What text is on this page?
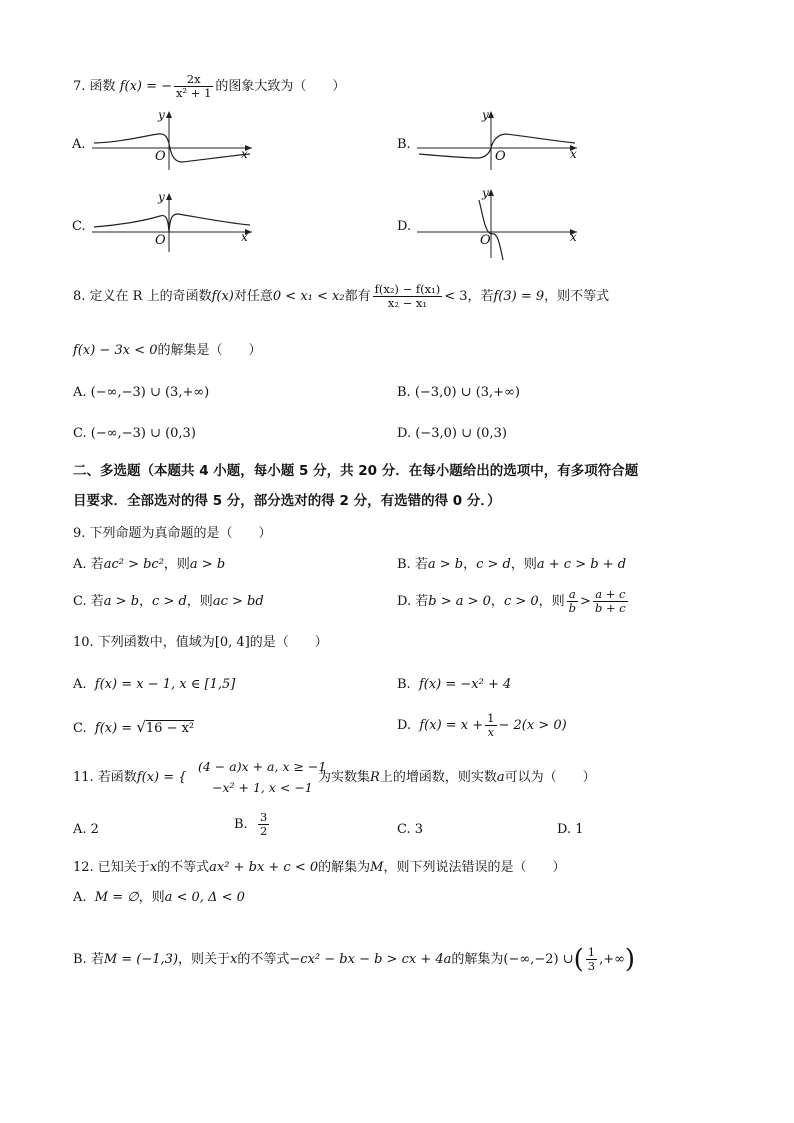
7. 函数 f(x) = − $\frac{2x}{\text{x² + 1}}$ 的图象大致为（　　）
A.
y
O	x
B.
y
O	x
C.
y
O	x
D.
y
O	x
8. 定义在 R 上的奇函数f(x)对任意0 < x₁ < x₂都有 $\frac{\text{f(x₂) − f(x₁)}}{\text{x₂ − x₁}} < 3$，若f(3) = 9，则不等式
f(x) − 3x < 0的解集是（　　）
A. (−∞,−3) ∪ (3,+∞)	B. (−3,0) ∪ (3,+∞)
C. (−∞,−3) ∪ (0,3)	D. (−3,0) ∪ (0,3)
二、多选题（本题共 4 小题，每小题 5 分，共 20 分．在每小题给出的选项中，有多项符合题
目要求．全部选对的得 5 分，部分选对的得 2 分，有选错的得 0 分．）
9. 下列命题为真命题的是（　　）
A. 若ac² > bc²，则a > b	B. 若a > b，c > d，则a + c > b + d
C. 若a > b，c > d，则ac > bd	D. 若b > a > 0，c > 0，则 $\frac{a}{b} > \frac{a + c}{b + c}$
10. 下列函数中，值域为[0, 4]的是（　　）
A. f(x) = x − 1, x ∈ [1,5]	B. f(x) = −x² + 4
C. f(x) = √16 − x²	D. $f(x) = x + \frac{1}{x} - 2(x > 0)$
11. 若函数f(x) = {
(4 − a)x + a, x ≥ −1
−x² + 1, x < −1
为实数集R上的增函数，则实数a可以为（　　）
A. 2	B. $\frac{3}{2}$	C. 3	D. 1
12. 已知关于x的不等式ax² + bx + c < 0的解集为M，则下列说法错误的是（　　）
A. M = ∅，则a < 0, Δ < 0
B. 若M = (−1,3)，则关于x的不等式−cx² − bx − b > cx + 4a的解集为(−∞,−2) ∪( $\frac{1}{3}$ ,+∞)
